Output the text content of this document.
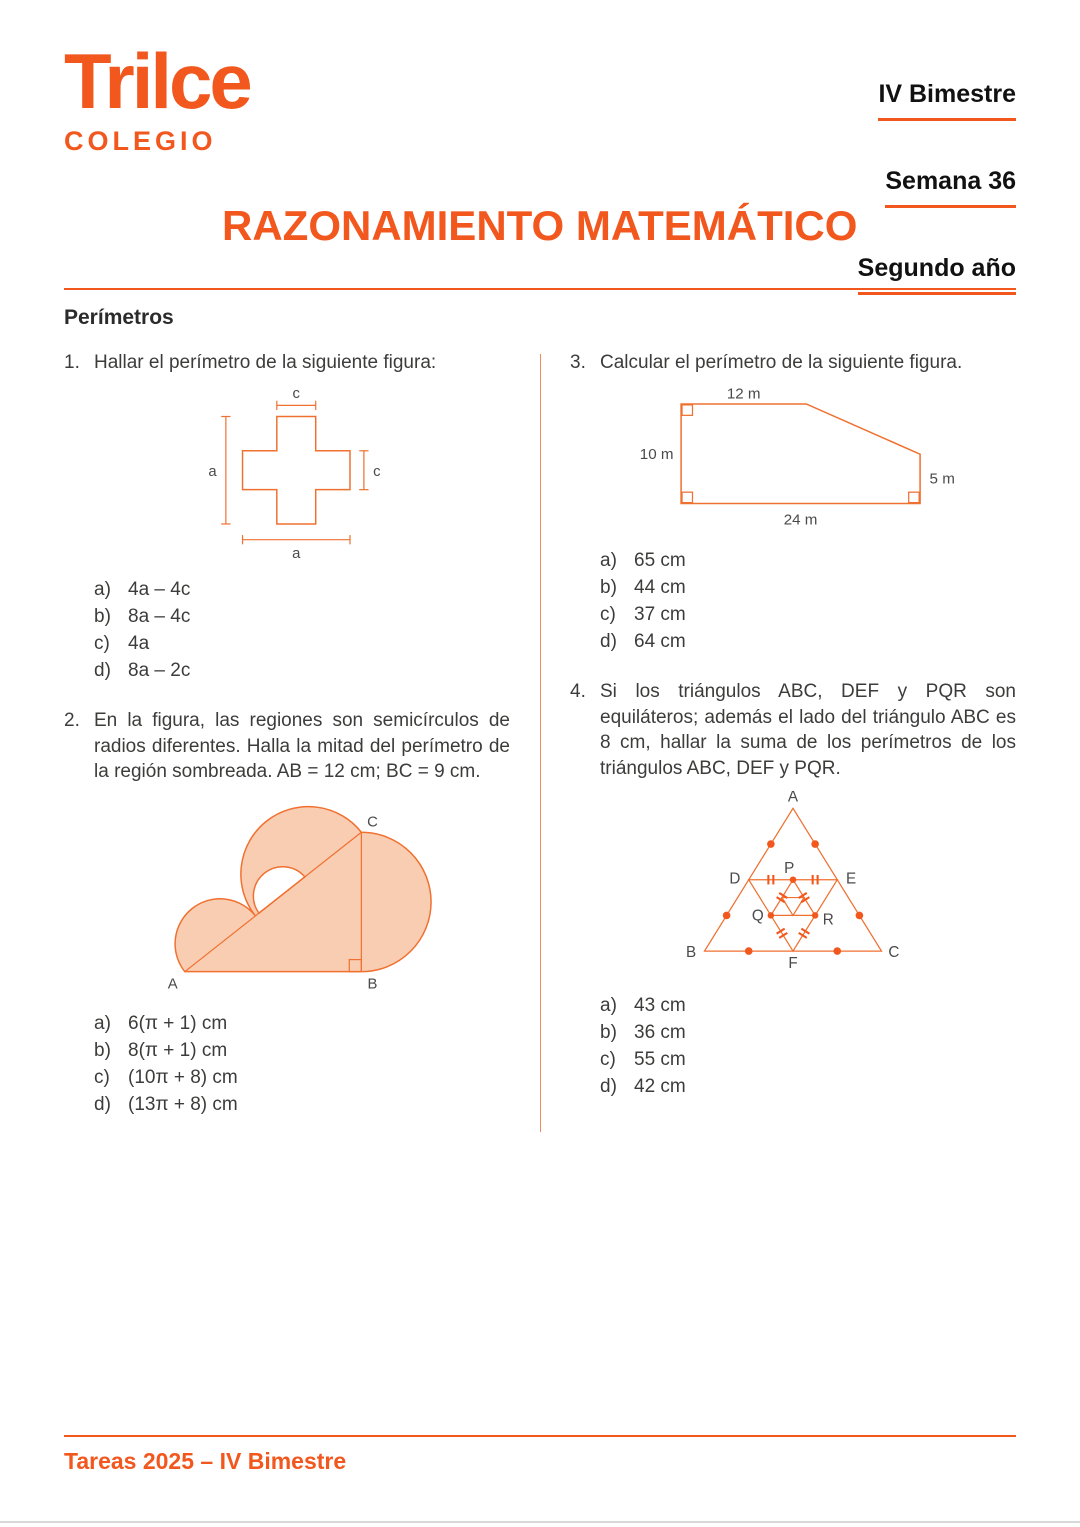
Trilce
COLEGIO
RAZONAMIENTO MATEMÁTICO
IV Bimestre
Semana 36
Segundo año
Perímetros
1. Hallar el perímetro de la siguiente figura:
c
a	c
a
a) 4a – 4c
b) 8a – 4c
c) 4a
d) 8a – 2c
2. En la figura, las regiones son semicírculos de radios diferentes. Halla la mitad del perímetro de la región sombreada. AB = 12 cm; BC = 9 cm.
A	B
C
a) 6(π + 1) cm
b) 8(π + 1) cm
c) (10π + 8) cm
d) (13π + 8) cm
3. Calcular el perímetro de la siguiente figura.
12 m
10 m
5 m
24 m
a) 65 cm
b) 44 cm
c) 37 cm
d) 64 cm
4. Si los triángulos ABC, DEF y PQR son equiláteros; además el lado del triángulo ABC es 8 cm, hallar la suma de los perímetros de los triángulos ABC, DEF y PQR.
A
B	C
D	E
F
P
Q	R
a) 43 cm
b) 36 cm
c) 55 cm
d) 42 cm
Tareas 2025 – IV Bimestre
